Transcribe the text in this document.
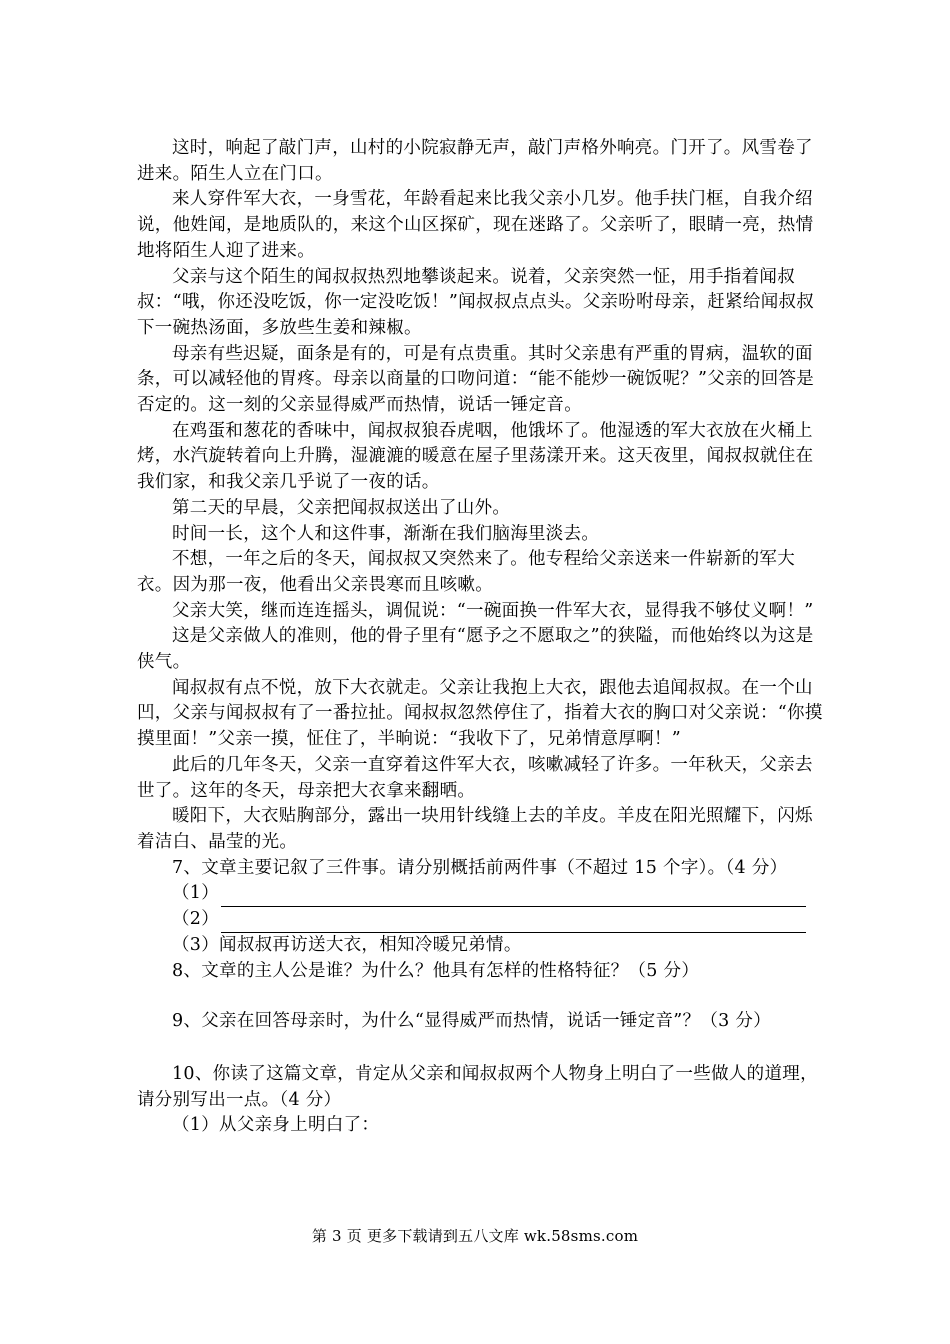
这时，响起了敲门声，山村的小院寂静无声，敲门声格外响亮。门开了。风雪卷了进来。陌生人立在门口。

来人穿件军大衣，一身雪花，年龄看起来比我父亲小几岁。他手扶门框，自我介绍说，他姓闻，是地质队的，来这个山区探矿，现在迷路了。父亲听了，眼睛一亮，热情地将陌生人迎了进来。

父亲与这个陌生的闻叔叔热烈地攀谈起来。说着，父亲突然一怔，用手指着闻叔叔：“哦，你还没吃饭，你一定没吃饭！”闻叔叔点点头。父亲吩咐母亲，赶紧给闻叔叔下一碗热汤面，多放些生姜和辣椒。

母亲有些迟疑，面条是有的，可是有点贵重。其时父亲患有严重的胃病，温软的面条，可以减轻他的胃疼。母亲以商量的口吻问道：“能不能炒一碗饭呢？”父亲的回答是否定的。这一刻的父亲显得威严而热情，说话一锤定音。

在鸡蛋和葱花的香味中，闻叔叔狼吞虎咽，他饿坏了。他湿透的军大衣放在火桶上烤，水汽旋转着向上升腾，湿漉漉的暖意在屋子里荡漾开来。这天夜里，闻叔叔就住在我们家，和我父亲几乎说了一夜的话。

第二天的早晨，父亲把闻叔叔送出了山外。

时间一长，这个人和这件事，渐渐在我们脑海里淡去。

不想，一年之后的冬天，闻叔叔又突然来了。他专程给父亲送来一件崭新的军大衣。因为那一夜，他看出父亲畏寒而且咳嗽。

父亲大笑，继而连连摇头，调侃说：“一碗面换一件军大衣，显得我不够仗义啊！”

这是父亲做人的准则，他的骨子里有“愿予之不愿取之”的狭隘，而他始终以为这是侠气。

闻叔叔有点不悦，放下大衣就走。父亲让我抱上大衣，跟他去追闻叔叔。在一个山凹，父亲与闻叔叔有了一番拉扯。闻叔叔忽然停住了，指着大衣的胸口对父亲说：“你摸摸里面！”父亲一摸，怔住了，半晌说：“我收下了，兄弟情意厚啊！”

此后的几年冬天，父亲一直穿着这件军大衣，咳嗽减轻了许多。一年秋天，父亲去世了。这年的冬天，母亲把大衣拿来翻晒。

暖阳下，大衣贴胸部分，露出一块用针线缝上去的羊皮。羊皮在阳光照耀下，闪烁着洁白、晶莹的光。

7、文章主要记叙了三件事。请分别概括前两件事（不超过 15 个字）。（4 分）

（1）

（2）

（3）闻叔叔再访送大衣，相知冷暖兄弟情。

8、文章的主人公是谁？为什么？他具有怎样的性格特征？（5 分）

9、父亲在回答母亲时，为什么“显得威严而热情，说话一锤定音”？（3 分）

10、你读了这篇文章，肯定从父亲和闻叔叔两个人物身上明白了一些做人的道理，请分别写出一点。（4 分）

（1）从父亲身上明白了：

第 3 页 更多下载请到五八文库 wk.58sms.com
